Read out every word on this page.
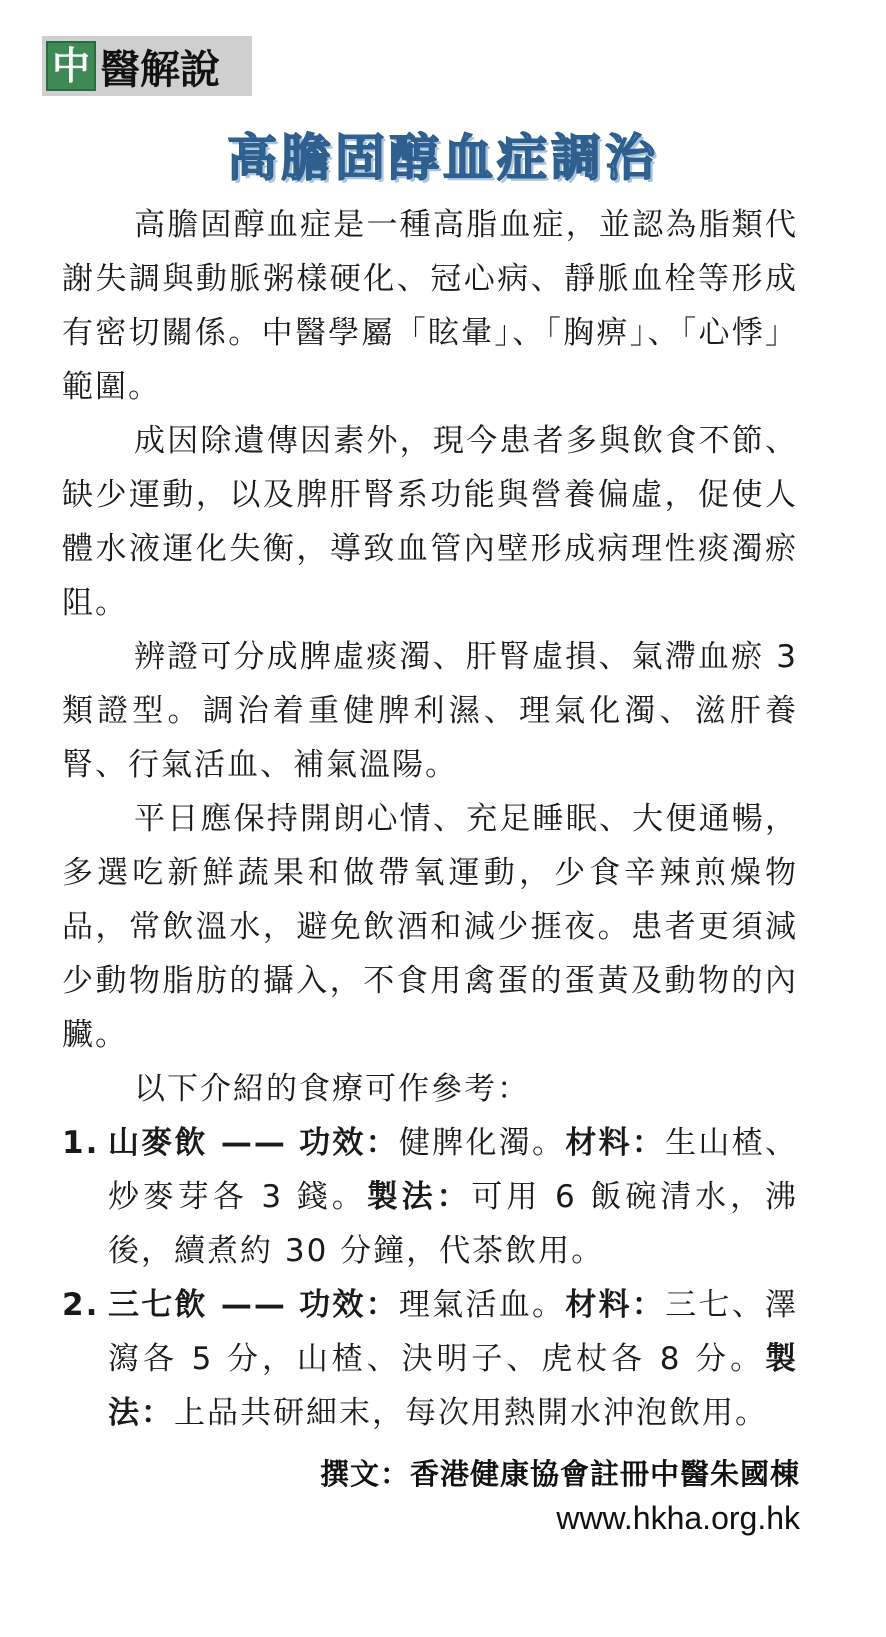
中 醫解說
高膽固醇血症調治

高膽固醇血症是一種高脂血症，並認為脂類代謝失調與動脈粥樣硬化、冠心病、靜脈血栓等形成有密切關係。中醫學屬「眩暈」、「胸痹」、「心悸」範圍。

成因除遺傳因素外，現今患者多與飲食不節、缺少運動，以及脾肝腎系功能與營養偏虛，促使人體水液運化失衡，導致血管內壁形成病理性痰濁瘀阻。

辨證可分成脾虛痰濁、肝腎虛損、氣滯血瘀 3 類證型。調治着重健脾利濕、理氣化濁、滋肝養腎、行氣活血、補氣溫陽。

平日應保持開朗心情、充足睡眠、大便通暢，多選吃新鮮蔬果和做帶氧運動，少食辛辣煎燥物品，常飲溫水，避免飲酒和減少捱夜。患者更須減少動物脂肪的攝入，不食用禽蛋的蛋黃及動物的內臟。

以下介紹的食療可作參考：

1. 山麥飲 —— 功效：健脾化濁。材料：生山楂、炒麥芽各 3 錢。製法：可用 6 飯碗清水，沸後，續煮約 30 分鐘，代茶飲用。
2. 三七飲 —— 功效：理氣活血。材料：三七、澤瀉各 5 分，山楂、決明子、虎杖各 8 分。製法：上品共研細末，每次用熱開水沖泡飲用。
撰文：香港健康協會註冊中醫朱國棟
www.hkha.org.hk
